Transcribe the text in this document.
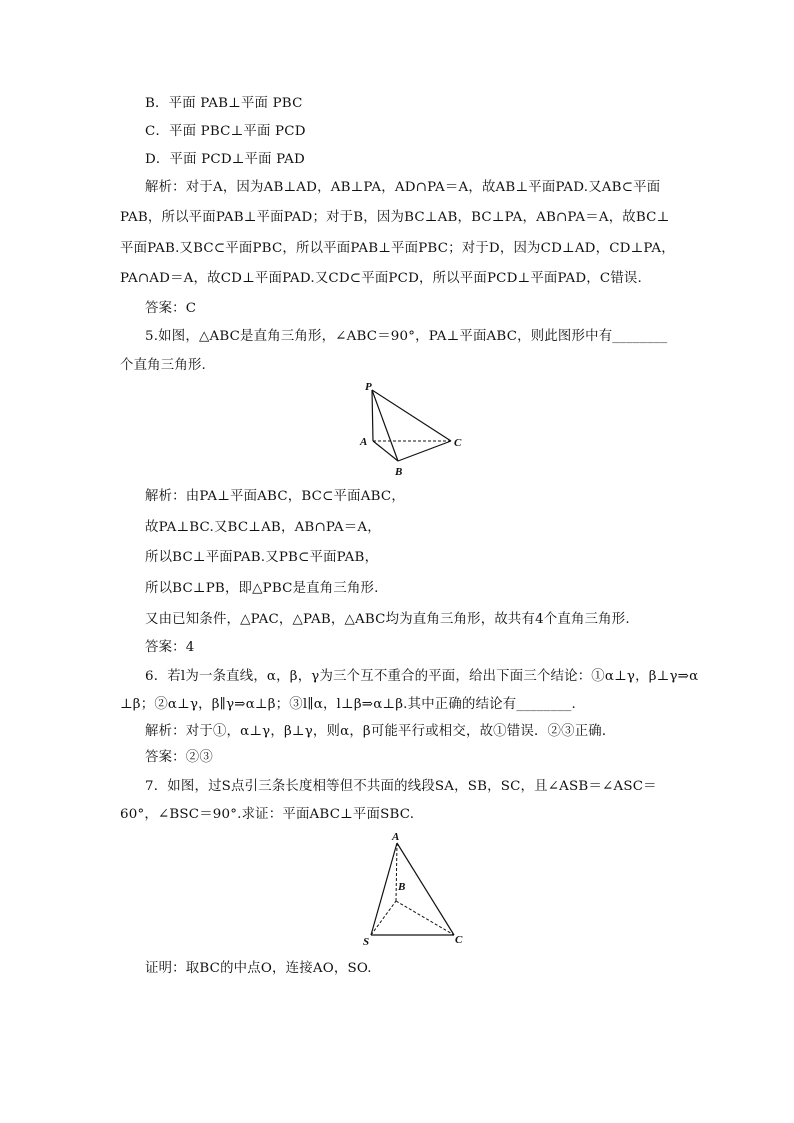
B．平面 PAB⊥平面 PBC
C．平面 PBC⊥平面 PCD
D．平面 PCD⊥平面 PAD
解析：对于A，因为AB⊥AD，AB⊥PA，AD∩PA＝A，故AB⊥平面PAD.又AB⊂平面
PAB，所以平面PAB⊥平面PAD；对于B，因为BC⊥AB，BC⊥PA，AB∩PA＝A，故BC⊥
平面PAB.又BC⊂平面PBC，所以平面PAB⊥平面PBC；对于D，因为CD⊥AD，CD⊥PA，
PA∩AD＝A，故CD⊥平面PAD.又CD⊂平面PCD，所以平面PCD⊥平面PAD，C错误.
答案：C
5.如图，△ABC是直角三角形，∠ABC＝90°，PA⊥平面ABC，则此图形中有________
个直角三角形.
P
A
B
C
解析：由PA⊥平面ABC，BC⊂平面ABC，
故PA⊥BC.又BC⊥AB，AB∩PA＝A，
所以BC⊥平面PAB.又PB⊂平面PAB，
所以BC⊥PB，即△PBC是直角三角形.
又由已知条件，△PAC，△PAB，△ABC均为直角三角形，故共有4个直角三角形.
答案：4
6．若l为一条直线，α，β，γ为三个互不重合的平面，给出下面三个结论：①α⊥γ，β⊥γ⇒α
⊥β；②α⊥γ，β∥γ⇒α⊥β；③l∥α，l⊥β⇒α⊥β.其中正确的结论有________.
解析：对于①，α⊥γ，β⊥γ，则α，β可能平行或相交，故①错误．②③正确．
答案：②③
7．如图，过S点引三条长度相等但不共面的线段SA，SB，SC，且∠ASB＝∠ASC＝
60°，∠BSC＝90°.求证：平面ABC⊥平面SBC.
A
B
S	C
证明：取BC的中点O，连接AO，SO.
